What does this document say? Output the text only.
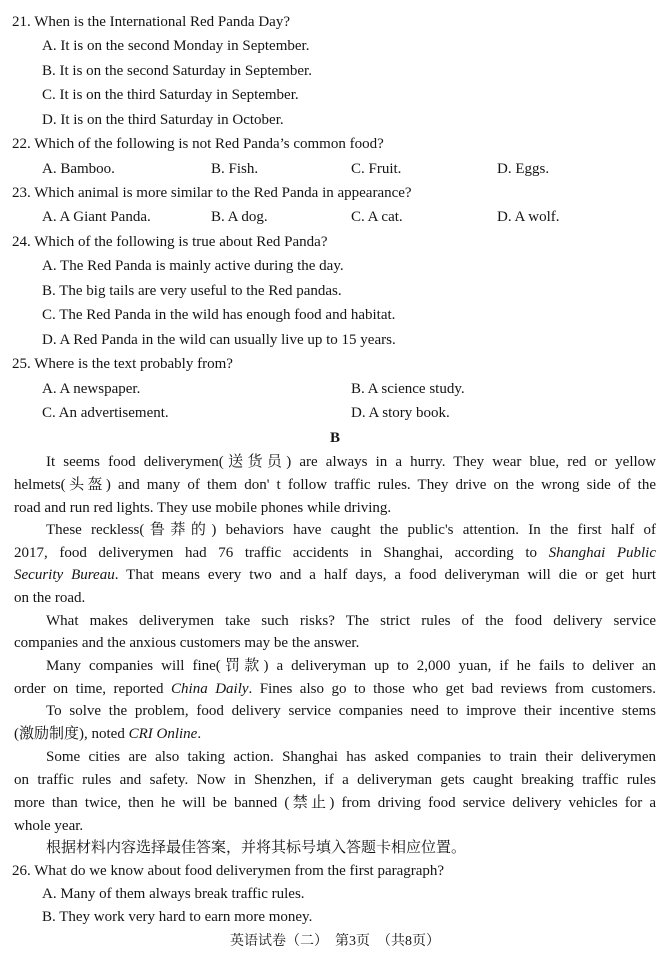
21. When is the International Red Panda Day?
A. It is on the second Monday in September.
B. It is on the second Saturday in September.
C. It is on the third Saturday in September.
D. It is on the third Saturday in October.
22. Which of the following is not Red Panda’s common food?
A. Bamboo.	B. Fish.	C. Fruit.	D. Eggs.
23. Which animal is more similar to the Red Panda in appearance?
A. A Giant Panda.	B. A dog.	C. A cat.	D. A wolf.
24. Which of the following is true about Red Panda?
A. The Red Panda is mainly active during the day.
B. The big tails are very useful to the Red pandas.
C. The Red Panda in the wild has enough food and habitat.
D. A Red Panda in the wild can usually live up to 15 years.
25. Where is the text probably from?
A. A newspaper.	B. A science study.
C. An advertisement.	D. A story book.
B
It seems food deliverymen(送货员) are always in a hurry. They wear blue, red or yellow
helmets(头盔) and many of them don' t follow traffic rules. They drive on the wrong side of the
road and run red lights. They use mobile phones while driving.
These reckless(鲁莽的) behaviors have caught the public's attention. In the first half of
2017, food deliverymen had 76 traffic accidents in Shanghai, according to Shanghai Public
Security Bureau. That means every two and a half days, a food deliveryman will die or get hurt
on the road.
What makes deliverymen take such risks? The strict rules of the food delivery service
companies and the anxious customers may be the answer.
Many companies will fine(罚款) a deliveryman up to 2,000 yuan, if he fails to deliver an
order on time, reported China Daily. Fines also go to those who get bad reviews from customers.
To solve the problem, food delivery service companies need to improve their incentive stems
(激励制度), noted CRI Online.
Some cities are also taking action. Shanghai has asked companies to train their deliverymen
on traffic rules and safety. Now in Shenzhen, if a deliveryman gets caught breaking traffic rules
more than twice, then he will be banned (禁止) from driving food service delivery vehicles for a
whole year.
根据材料内容选择最佳答案，并将其标号填入答题卡相应位置。
26. What do we know about food deliverymen from the first paragraph?
A. Many of them always break traffic rules.
B. They work very hard to earn more money.
英语试卷（二）  第3页  （共8页）
